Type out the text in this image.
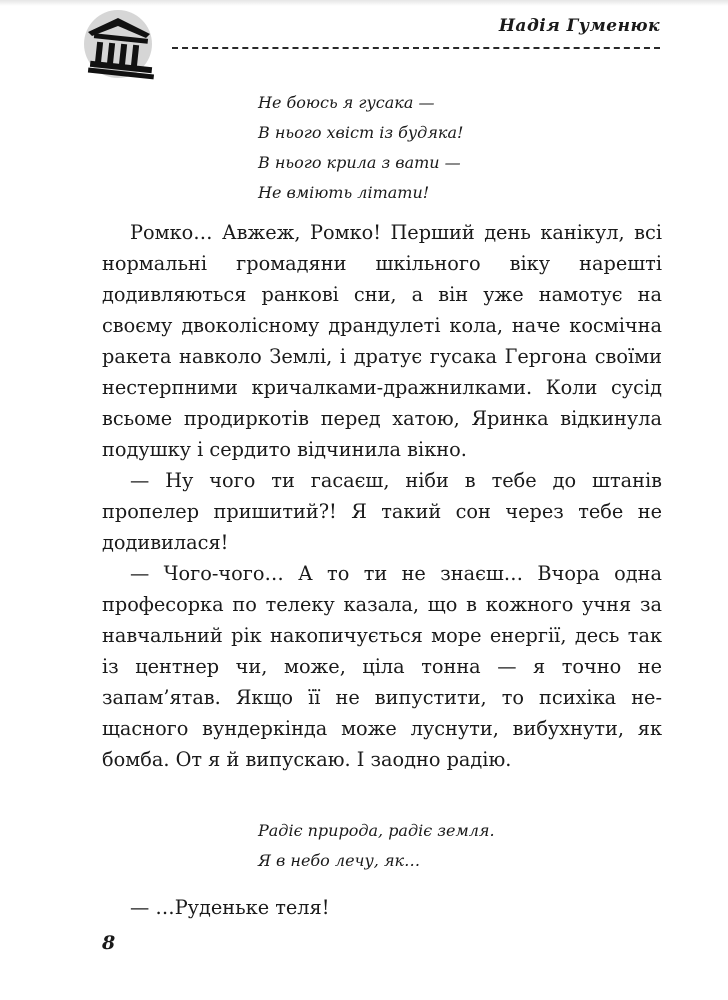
Надія Гуменюк
Не боюсь я гусака —
В нього хвіст із будяка!
В нього крила з вати —
Не вміють літати!

Ромко… Авжеж, Ромко! Перший день канікул, всі нормальні громадяни шкільного віку нарешті додивляються ранкові сни, а він уже намотує на своєму двоколісному драндулеті кола, наче космічна ракета навколо Землі, і дратує гусака Гергона своїми нестерпними кричалками-дражнилками. Коли сусід всьоме продиркотів перед хатою, Яринка відкинула подушку і сердито відчинила вікно.

— Ну чого ти гасаєш, ніби в тебе до штанів пропелер пришитий?! Я такий сон через тебе не додивилася!

— Чого-чого… А то ти не знаєш… Вчора одна професорка по телеку казала, що в кожного учня за навчальний рік накопичується море енергії, десь так із центнер чи, може, ціла тонна — я точно не запам’ятав. Якщо її не випустити, то психіка нещасного вундеркінда може луснути, вибухнути, як бомба. От я й випускаю. І заодно радію.

Радіє природа, радіє земля.
Я в небо лечу, як…
— …Руденьке теля!
8
